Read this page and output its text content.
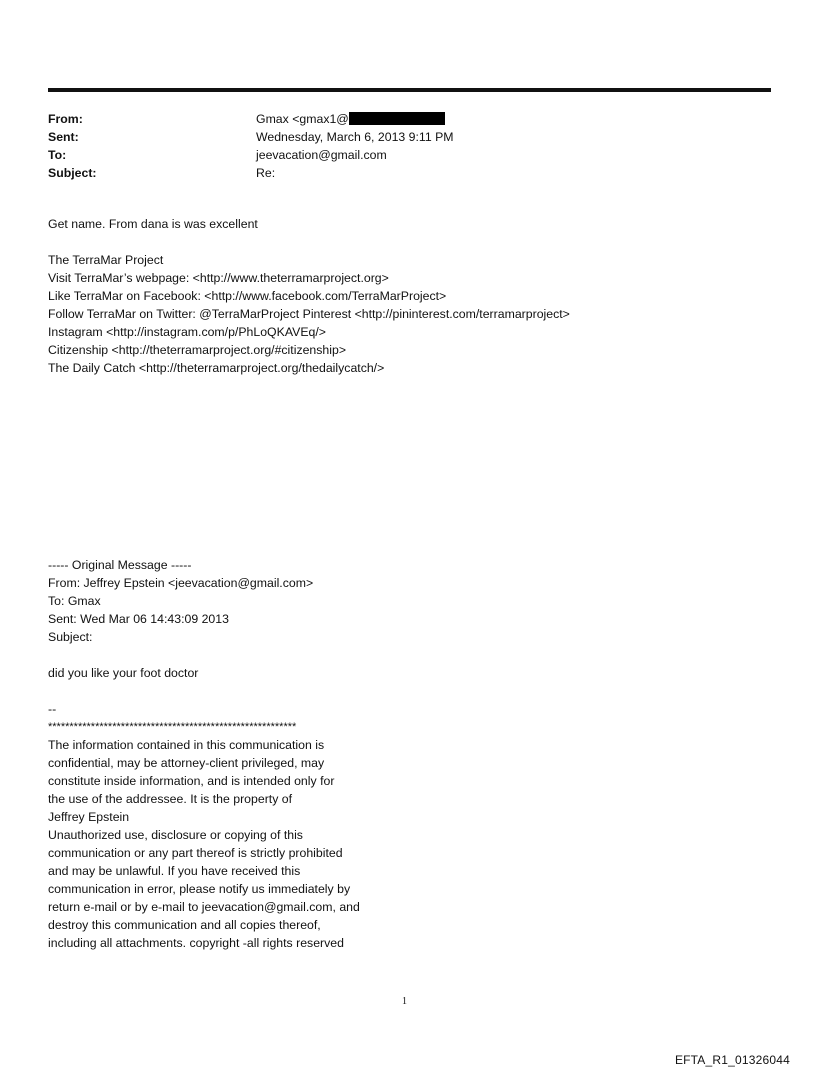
From:	Gmax <gmax1@
Sent:	Wednesday, March 6, 2013 9:11 PM
To:	jeevacation@gmail.com
Subject:	Re:
Get name. From dana is was excellent
The TerraMar Project
Visit TerraMar’s webpage: <http://www.theterramarproject.org>
Like TerraMar on Facebook: <http://www.facebook.com/TerraMarProject>
Follow TerraMar on Twitter: @TerraMarProject Pinterest <http://pininterest.com/terramarproject>
Instagram <http://instagram.com/p/PhLoQKAVEq/>
Citizenship <http://theterramarproject.org/#citizenship>
The Daily Catch <http://theterramarproject.org/thedailycatch/>
----- Original Message -----
From: Jeffrey Epstein <jeevacation@gmail.com>
To: Gmax
Sent: Wed Mar 06 14:43:09 2013
Subject:
did you like your foot doctor
--
**********************************************************
The information contained in this communication is
confidential, may be attorney-client privileged, may
constitute inside information, and is intended only for
the use of the addressee. It is the property of
Jeffrey Epstein
Unauthorized use, disclosure or copying of this
communication or any part thereof is strictly prohibited
and may be unlawful. If you have received this
communication in error, please notify us immediately by
return e-mail or by e-mail to jeevacation@gmail.com, and
destroy this communication and all copies thereof,
including all attachments. copyright -all rights reserved
1
EFTA_R1_01326044
